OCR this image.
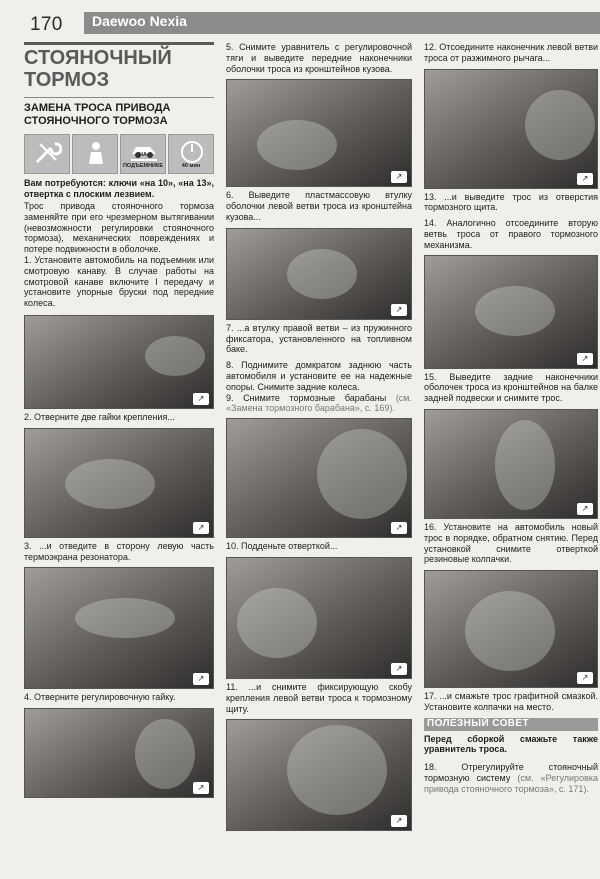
170 Daewoo Nexia
СТОЯНОЧНЫЙ
ТОРМОЗ
ЗАМЕНА ТРОСА ПРИВОДА
СТОЯНОЧНОГО ТОРМОЗА
НА ПОДЪЕМНИКЕ	40 мин

Вам потребуются: ключи «на 10», «на 13», отвертка с плоским лезвием.

Трос привода стояночного тормоза заменяйте при его чрезмерном вытягивании (невозможности регулировки стояночного тормоза), механических повреждениях и потере подвижности в оболочке.

1. Установите автомобиль на подъемник или смотровую канаву. В случае работы на смотровой канаве включите I передачу и установите упорные бруски под передние колеса.

↗

2. Отверните две гайки крепления...

↗

3. ...и отведите в сторону левую часть термоэкрана резонатора.

↗

4. Отверните регулировочную гайку.

↗

5. Снимите уравнитель с регулировочной тяги и выведите передние наконечники оболочки троса из кронштейнов кузова.

↗

6. Выведите пластмассовую втулку оболочки левой ветви троса из кронштейна кузова...

↗

7. ...а втулку правой ветви – из пружинного фиксатора, установленного на топливном баке.

8. Поднимите домкратом заднюю часть автомобиля и установите ее на надежные опоры. Снимите задние колеса.

9. Снимите тормозные барабаны (см. «Замена тормозного барабана», с. 169).

↗

10. Подденьте отверткой...

↗

11. ...и снимите фиксирующую скобу крепления левой ветви троса к тормозному щиту.

↗

12. Отсоедините наконечник левой ветви троса от разжимного рычага...

↗

13. ...и выведите трос из отверстия тормозного щита.

14. Аналогично отсоедините вторую ветвь троса от правого тормозного механизма.

↗

15. Выведите задние наконечники оболочек троса из кронштейнов на балке задней подвески и снимите трос.

↗

16. Установите на автомобиль новый трос в порядке, обратном снятию. Перед установкой снимите отверткой резиновые колпачки.

↗

17. ...и смажьте трос графитной смазкой. Установите колпачки на место.

ПОЛЕЗНЫЙ СОВЕТ

Перед сборкой смажьте также уравнитель троса.

18. Отрегулируйте стояночный тормозную систему (см. «Регулировка привода стояночного тормоза», с. 171).
